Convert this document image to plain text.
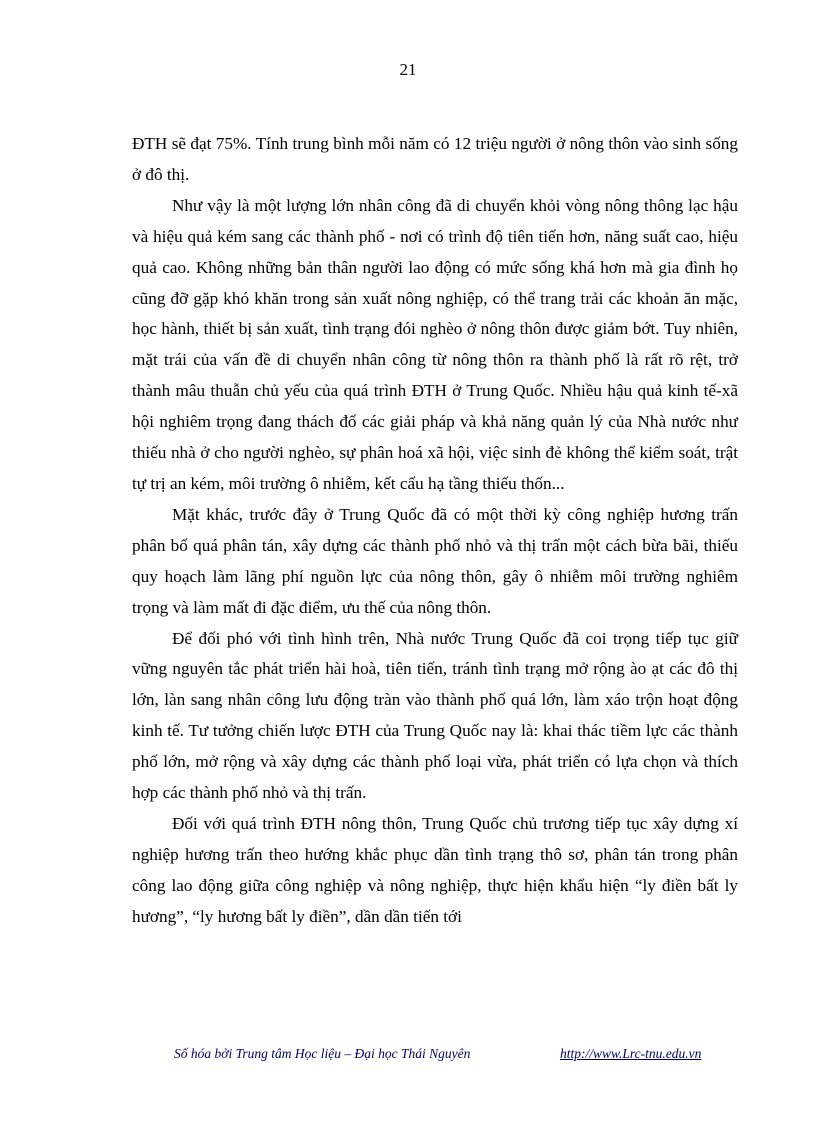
21

ĐTH sẽ đạt 75%. Tính trung bình mỗi năm có 12 triệu người ở nông thôn vào sinh sống ở đô thị.

Như vậy là một lượng lớn nhân công đã di chuyển khỏi vòng nông thông lạc hậu và hiệu quả kém sang các thành phố - nơi có trình độ tiên tiến hơn, năng suất cao, hiệu quả cao. Không những bản thân người lao động có mức sống khá hơn mà gia đình họ cũng đỡ gặp khó khăn trong sản xuất nông nghiệp, có thể trang trải các khoản ăn mặc, học hành, thiết bị sản xuất, tình trạng đói nghèo ở nông thôn được giảm bớt. Tuy nhiên, mặt trái của vấn đề di chuyển nhân công từ nông thôn ra thành phố là rất rõ rệt, trở thành mâu thuẫn chủ yếu của quá trình ĐTH ở Trung Quốc. Nhiều hậu quả kinh tế-xã hội nghiêm trọng đang thách đố các giải pháp và khả năng quản lý của Nhà nước như thiếu nhà ở cho người nghèo, sự phân hoá xã hội, việc sinh đẻ không thể kiểm soát, trật tự trị an kém, môi trường ô nhiễm, kết cấu hạ tầng thiếu thốn...

Mặt khác, trước đây ở Trung Quốc đã có một thời kỳ công nghiệp hương trấn phân bố quá phân tán, xây dựng các thành phố nhỏ và thị trấn một cách bừa bãi, thiếu quy hoạch làm lãng phí nguồn lực của nông thôn, gây ô nhiễm môi trường nghiêm trọng và làm mất đi đặc điểm, ưu thế của nông thôn.

Để đối phó với tình hình trên, Nhà nước Trung Quốc đã coi trọng tiếp tục giữ vững nguyên tắc phát triển hài hoà, tiên tiến, tránh tình trạng mở rộng ào ạt các đô thị lớn, làn sang nhân công lưu động tràn vào thành phố quá lớn, làm xáo trộn hoạt động kinh tế. Tư tưởng chiến lược ĐTH của Trung Quốc nay là: khai thác tiềm lực các thành phố lớn, mở rộng và xây dựng các thành phố loại vừa, phát triển có lựa chọn và thích hợp các thành phố nhỏ và thị trấn.

Đối với quá trình ĐTH nông thôn, Trung Quốc chủ trương tiếp tục xây dựng xí nghiệp hương trấn theo hướng khắc phục dần tình trạng thô sơ, phân tán trong phân công lao động giữa công nghiệp và nông nghiệp, thực hiện khẩu hiện “ly điền bất ly hương”, “ly hương bất ly điền”, dần dần tiến tới

Số hóa bởi Trung tâm Học liệu – Đại học Thái Nguyên	http://www.Lrc-tnu.edu.vn
